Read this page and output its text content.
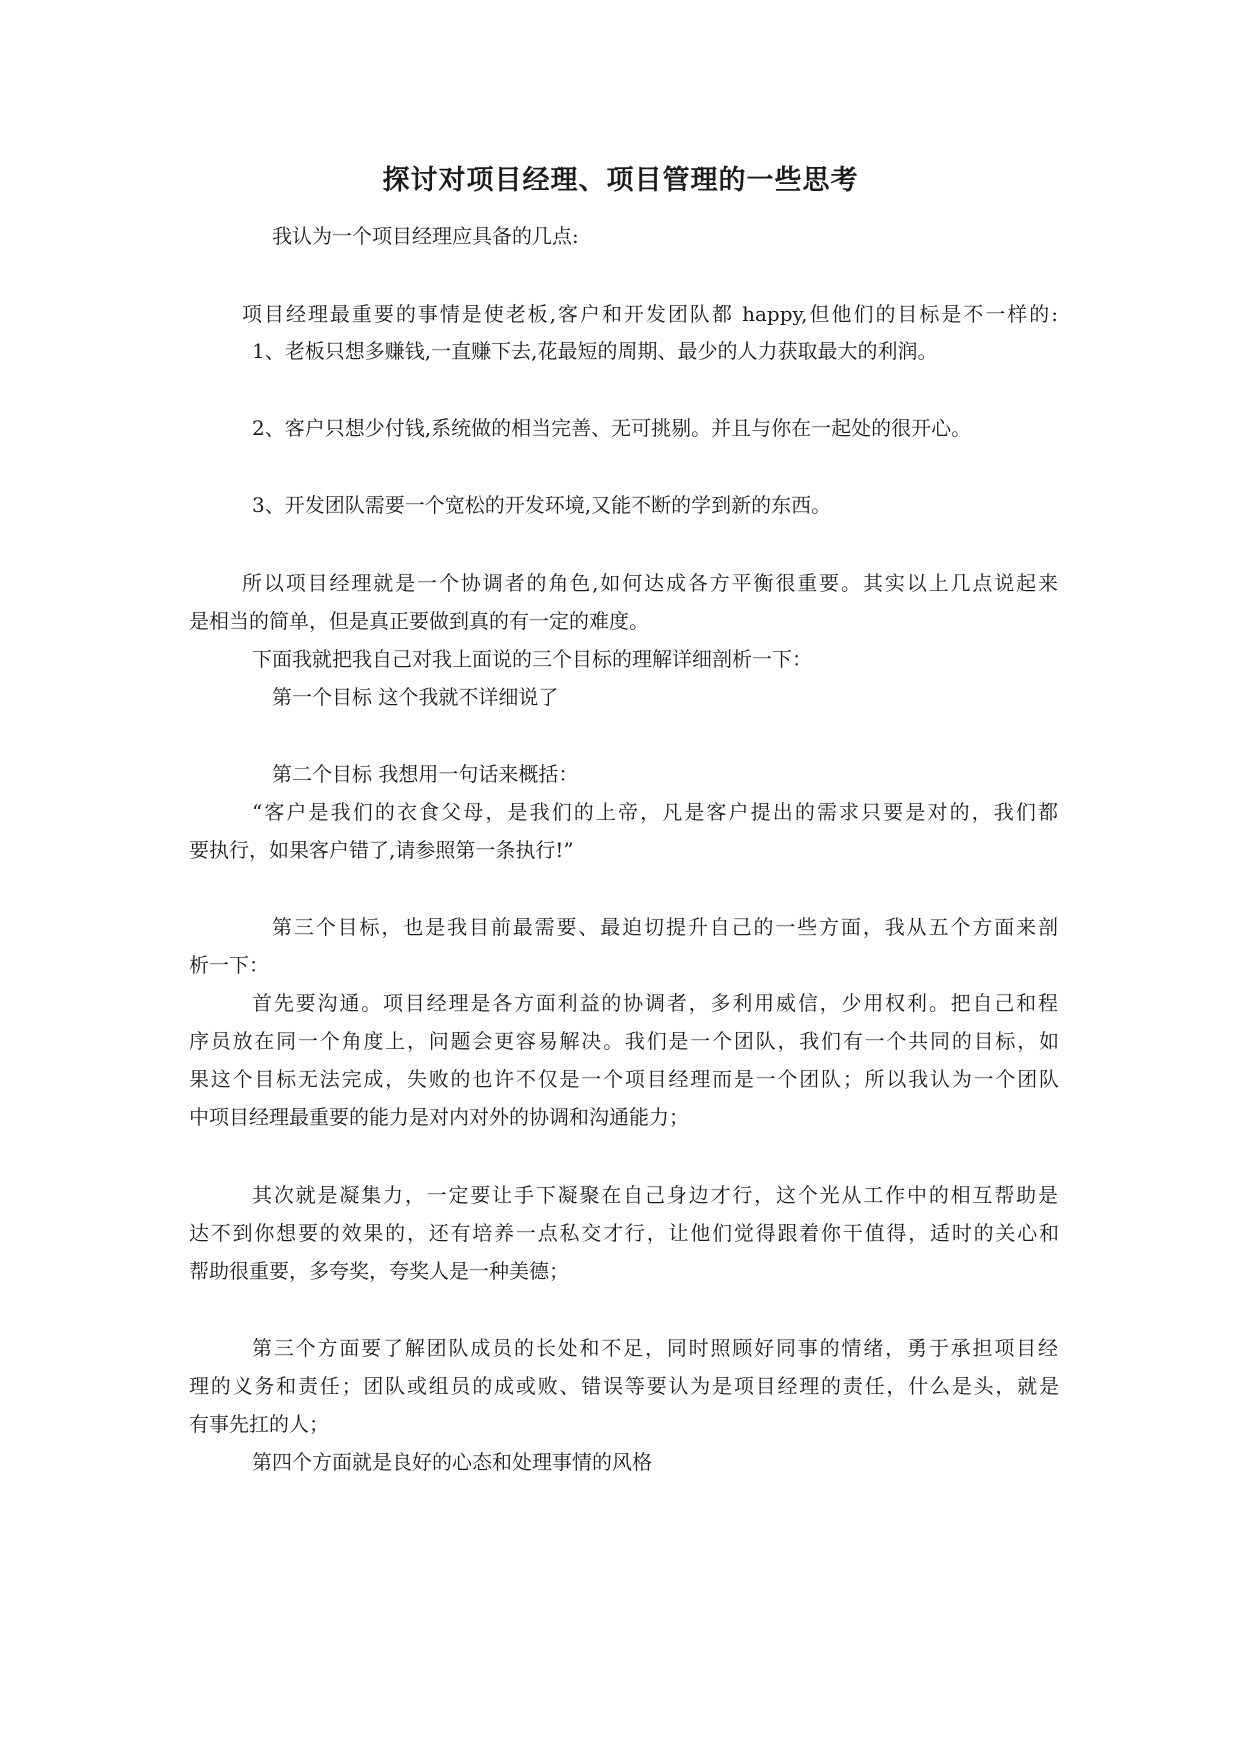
探讨对项目经理、项目管理的一些思考
我认为一个项目经理应具备的几点:
项目经理最重要的事情是使老板,客户和开发团队都 happy,但他们的目标是不一样的:
1、老板只想多赚钱,一直赚下去,花最短的周期、最少的人力获取最大的利润。
2、客户只想少付钱,系统做的相当完善、无可挑剔。并且与你在一起处的很开心。
3、开发团队需要一个宽松的开发环境,又能不断的学到新的东西。
所以项目经理就是一个协调者的角色,如何达成各方平衡很重要。其实以上几点说起来
是相当的简单，但是真正要做到真的有一定的难度。
下面我就把我自己对我上面说的三个目标的理解详细剖析一下：
第一个目标 这个我就不详细说了
第二个目标 我想用一句话来概括：
“客户是我们的衣食父母，是我们的上帝，凡是客户提出的需求只要是对的，我们都
要执行，如果客户错了,请参照第一条执行!”
第三个目标，也是我目前最需要、最迫切提升自己的一些方面，我从五个方面来剖
析一下：
首先要沟通。项目经理是各方面利益的协调者，多利用威信，少用权利。把自己和程
序员放在同一个角度上，问题会更容易解决。我们是一个团队，我们有一个共同的目标，如
果这个目标无法完成，失败的也许不仅是一个项目经理而是一个团队；所以我认为一个团队
中项目经理最重要的能力是对内对外的协调和沟通能力；
其次就是凝集力，一定要让手下凝聚在自己身边才行，这个光从工作中的相互帮助是
达不到你想要的效果的，还有培养一点私交才行，让他们觉得跟着你干值得，适时的关心和
帮助很重要，多夸奖，夸奖人是一种美德；
第三个方面要了解团队成员的长处和不足，同时照顾好同事的情绪，勇于承担项目经
理的义务和责任；团队或组员的成或败、错误等要认为是项目经理的责任，什么是头，就是
有事先扛的人；
第四个方面就是良好的心态和处理事情的风格
